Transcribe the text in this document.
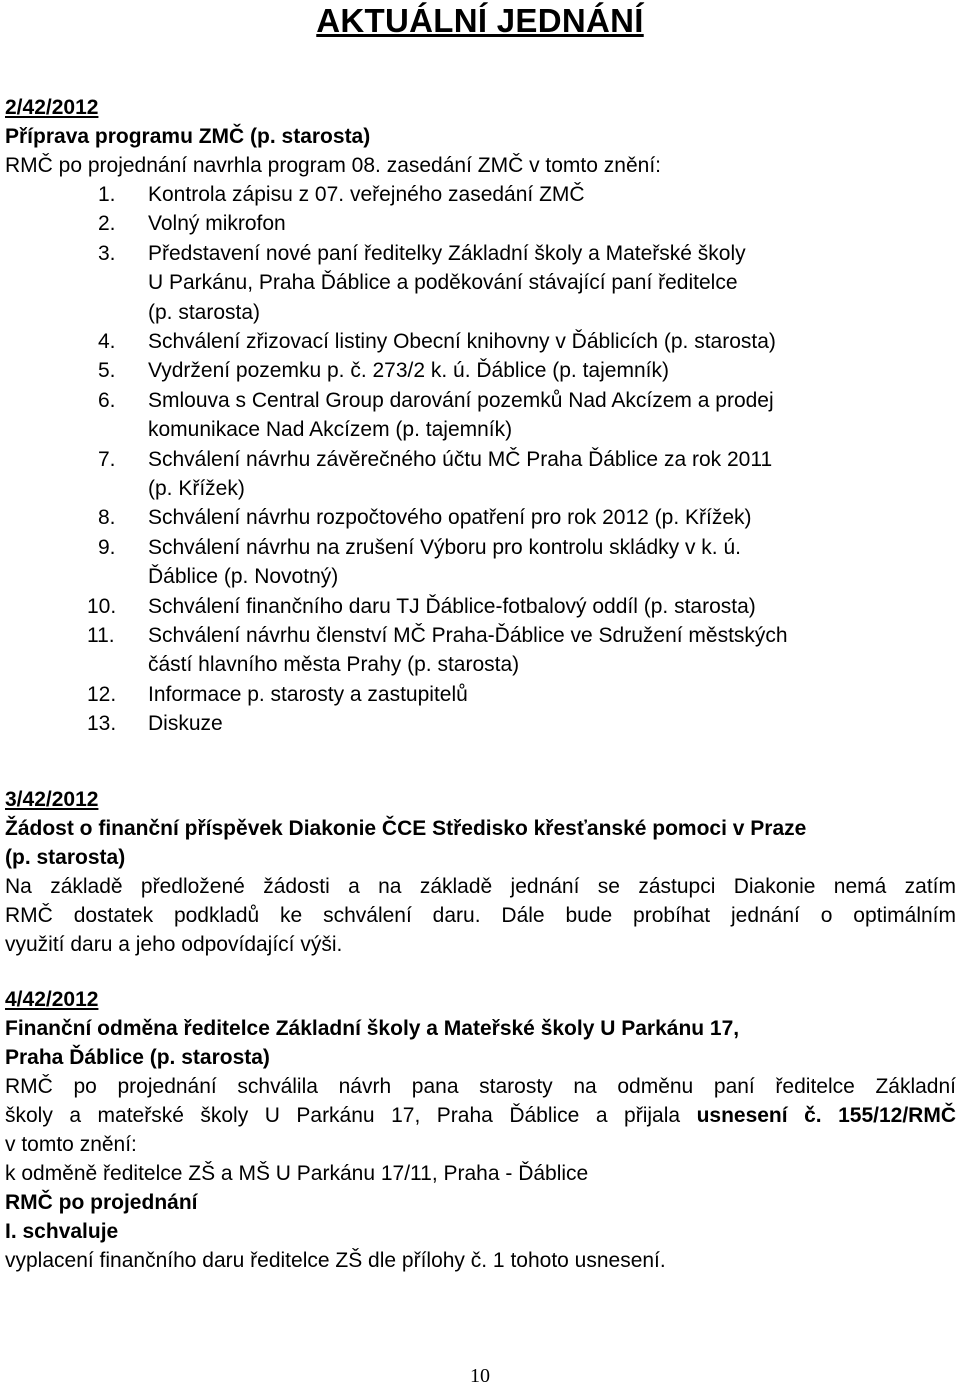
AKTUÁLNÍ JEDNÁNÍ
2/42/2012
Příprava programu ZMČ (p. starosta)
RMČ po projednání navrhla program 08. zasedání ZMČ v tomto znění:
1. Kontrola zápisu z 07. veřejného zasedání ZMČ
2. Volný mikrofon
3. Představení nové paní ředitelky Základní školy a Mateřské školy
U Parkánu, Praha Ďáblice a poděkování stávající paní ředitelce
(p. starosta)
4. Schválení zřizovací listiny Obecní knihovny v Ďáblicích (p. starosta)
5. Vydržení pozemku p. č. 273/2 k. ú. Ďáblice (p. tajemník)
6. Smlouva s Central Group darování pozemků Nad Akcízem a prodej
komunikace Nad Akcízem (p. tajemník)
7. Schválení návrhu závěrečného účtu MČ Praha Ďáblice za rok 2011
(p. Křížek)
8. Schválení návrhu rozpočtového opatření pro rok 2012 (p. Křížek)
9. Schválení návrhu na zrušení Výboru pro kontrolu skládky v k. ú.
Ďáblice (p. Novotný)
10. Schválení finančního daru TJ Ďáblice-fotbalový oddíl (p. starosta)
11. Schválení návrhu členství MČ Praha-Ďáblice ve Sdružení městských
částí hlavního města Prahy (p. starosta)
12. Informace p. starosty a zastupitelů
13. Diskuze
3/42/2012
Žádost o finanční příspěvek Diakonie ČCE Středisko křesťanské pomoci v Praze
(p. starosta)
Na základě předložené žádosti a na základě jednání se zástupci Diakonie nemá zatím
RMČ dostatek podkladů ke schválení daru. Dále bude probíhat jednání o optimálním
využití daru a jeho odpovídající výši.
4/42/2012
Finanční odměna ředitelce Základní školy a Mateřské školy U Parkánu 17,
Praha Ďáblice (p. starosta)
RMČ po projednání schválila návrh pana starosty na odměnu paní ředitelce Základní
školy a mateřské školy U Parkánu 17, Praha Ďáblice a přijala usnesení č. 155/12/RMČ
v tomto znění:
k odměně ředitelce ZŠ a MŠ U Parkánu 17/11, Praha - Ďáblice
RMČ po projednání
I. schvaluje
vyplacení finančního daru ředitelce ZŠ dle přílohy č. 1 tohoto usnesení.
10
